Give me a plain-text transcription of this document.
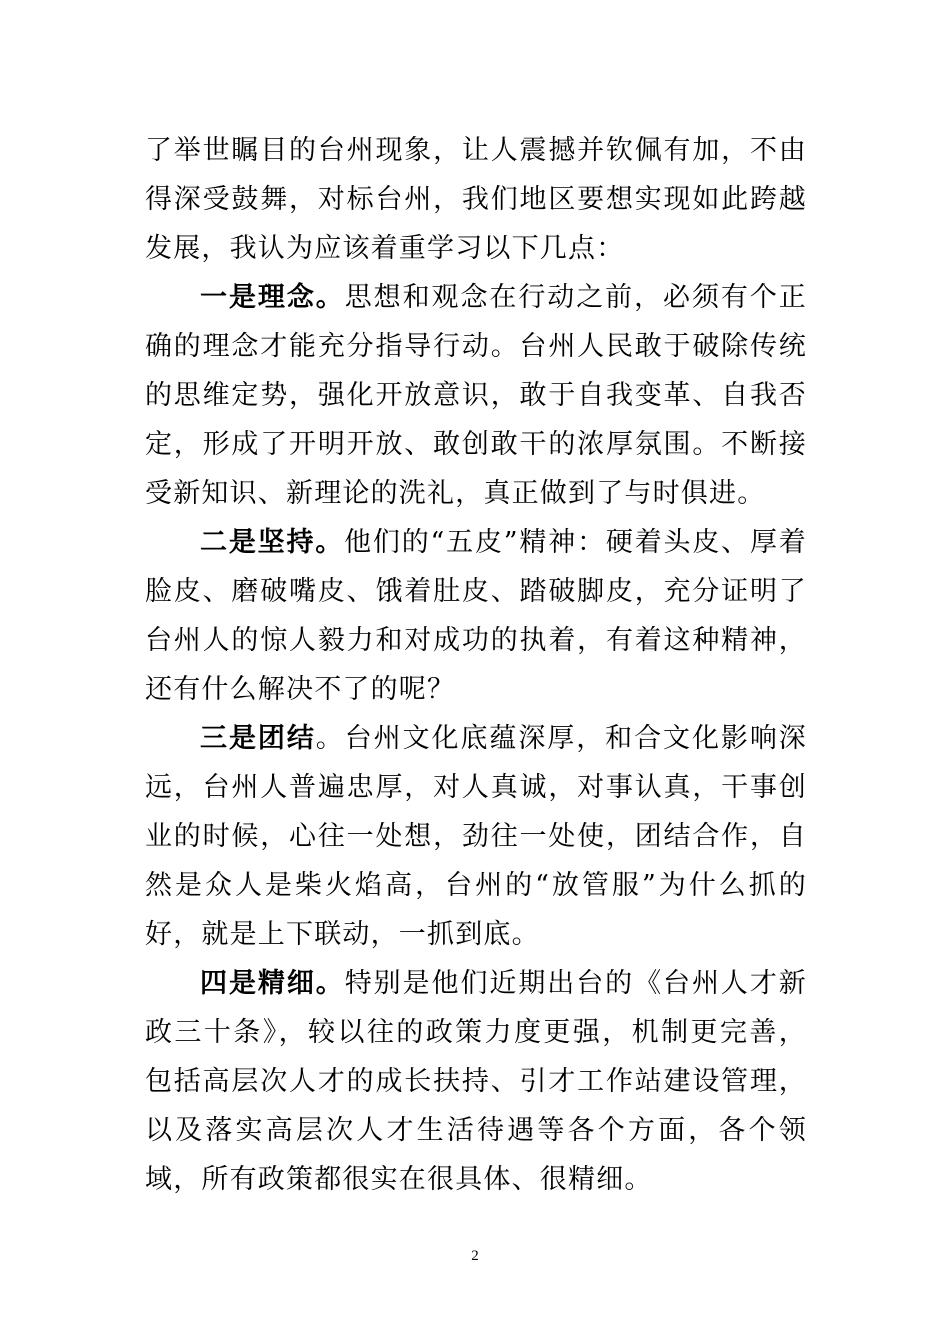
了举世瞩目的台州现象，让人震撼并钦佩有加，不由得深受鼓舞，对标台州，我们地区要想实现如此跨越发展，我认为应该着重学习以下几点：

一是理念。思想和观念在行动之前，必须有个正确的理念才能充分指导行动。台州人民敢于破除传统的思维定势，强化开放意识，敢于自我变革、自我否定，形成了开明开放、敢创敢干的浓厚氛围。不断接受新知识、新理论的洗礼，真正做到了与时俱进。

二是坚持。他们的“五皮”精神：硬着头皮、厚着脸皮、磨破嘴皮、饿着肚皮、踏破脚皮，充分证明了台州人的惊人毅力和对成功的执着，有着这种精神，还有什么解决不了的呢？

三是团结。台州文化底蕴深厚，和合文化影响深远，台州人普遍忠厚，对人真诚，对事认真，干事创业的时候，心往一处想，劲往一处使，团结合作，自然是众人是柴火焰高，台州的“放管服”为什么抓的好，就是上下联动，一抓到底。

四是精细。特别是他们近期出台的《台州人才新政三十条》，较以往的政策力度更强，机制更完善，包括高层次人才的成长扶持、引才工作站建设管理，以及落实高层次人才生活待遇等各个方面，各个领域，所有政策都很实在很具体、很精细。

2
